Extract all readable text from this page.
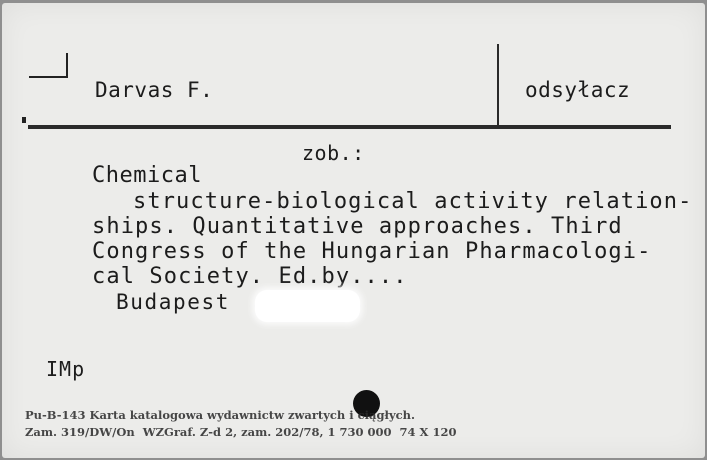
Darvas F.	odsyłacz
zob.:
Chemical
structure-biological activity relation-
ships. Quantitative approaches. Third
Congress of the Hungarian Pharmacologi-
cal Society. Ed.by....
Budapest
IMp
Pu-B-143 Karta katalogowa wydawnictw zwartych i ciągłych.
Zam. 319/DW/On  WZGraf. Z-d 2, zam. 202/78, 1 730 000  74 X 120
